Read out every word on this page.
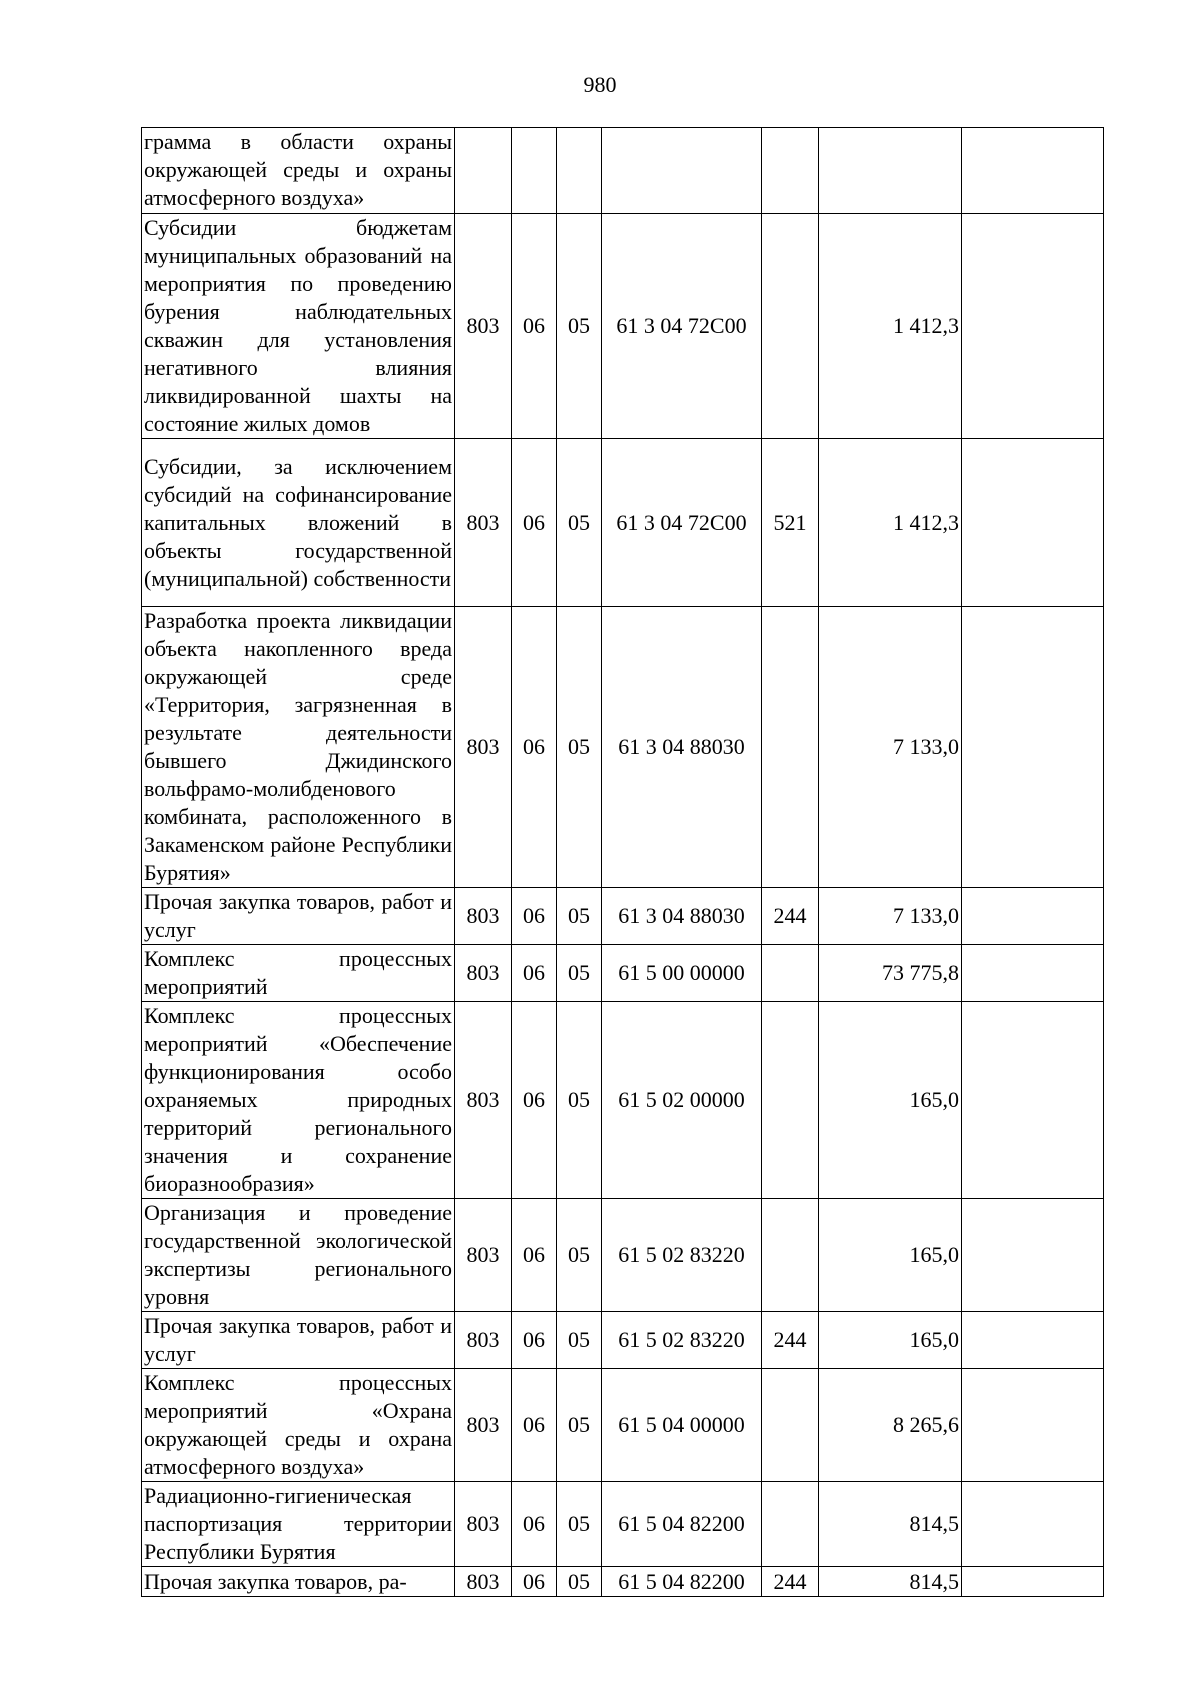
980
грамма в области охраны окружающей среды и охраны атмосферного воздуха»							
Субсидии бюджетам муниципальных образований на мероприятия по проведению бурения наблюдательных скважин для установления негативного влияния ликвидированной шахты на состояние жилых домов	803	06	05	61 3 04 72С00		1 412,3	
Субсидии, за исключением субсидий на софинансирование капитальных вложений в объекты государственной (муниципальной) собственности	803	06	05	61 3 04 72С00	521	1 412,3	
Разработка проекта ликвидации объекта накопленного вреда окружающей среде «Территория, загрязненная в результате деятельности бывшего Джидинского вольфрамо-молибденового комбината, расположенного в Закаменском районе Республики Бурятия»	803	06	05	61 3 04 88030		7 133,0	
Прочая закупка товаров, работ и услуг	803	06	05	61 3 04 88030	244	7 133,0	
Комплекс процессных мероприятий	803	06	05	61 5 00 00000		73 775,8	
Комплекс процессных мероприятий «Обеспечение функционирования особо охраняемых природных территорий регионального значения и сохранение биоразнообразия»	803	06	05	61 5 02 00000		165,0	
Организация и проведение государственной экологической экспертизы регионального уровня	803	06	05	61 5 02 83220		165,0	
Прочая закупка товаров, работ и услуг	803	06	05	61 5 02 83220	244	165,0	
Комплекс процессных мероприятий «Охрана окружающей среды и охрана атмосферного воздуха»	803	06	05	61 5 04 00000		8 265,6	
Радиационно-гигиеническая паспортизация территории Республики Бурятия	803	06	05	61 5 04 82200		814,5	
Прочая закупка товаров, ра-	803	06	05	61 5 04 82200	244	814,5	
